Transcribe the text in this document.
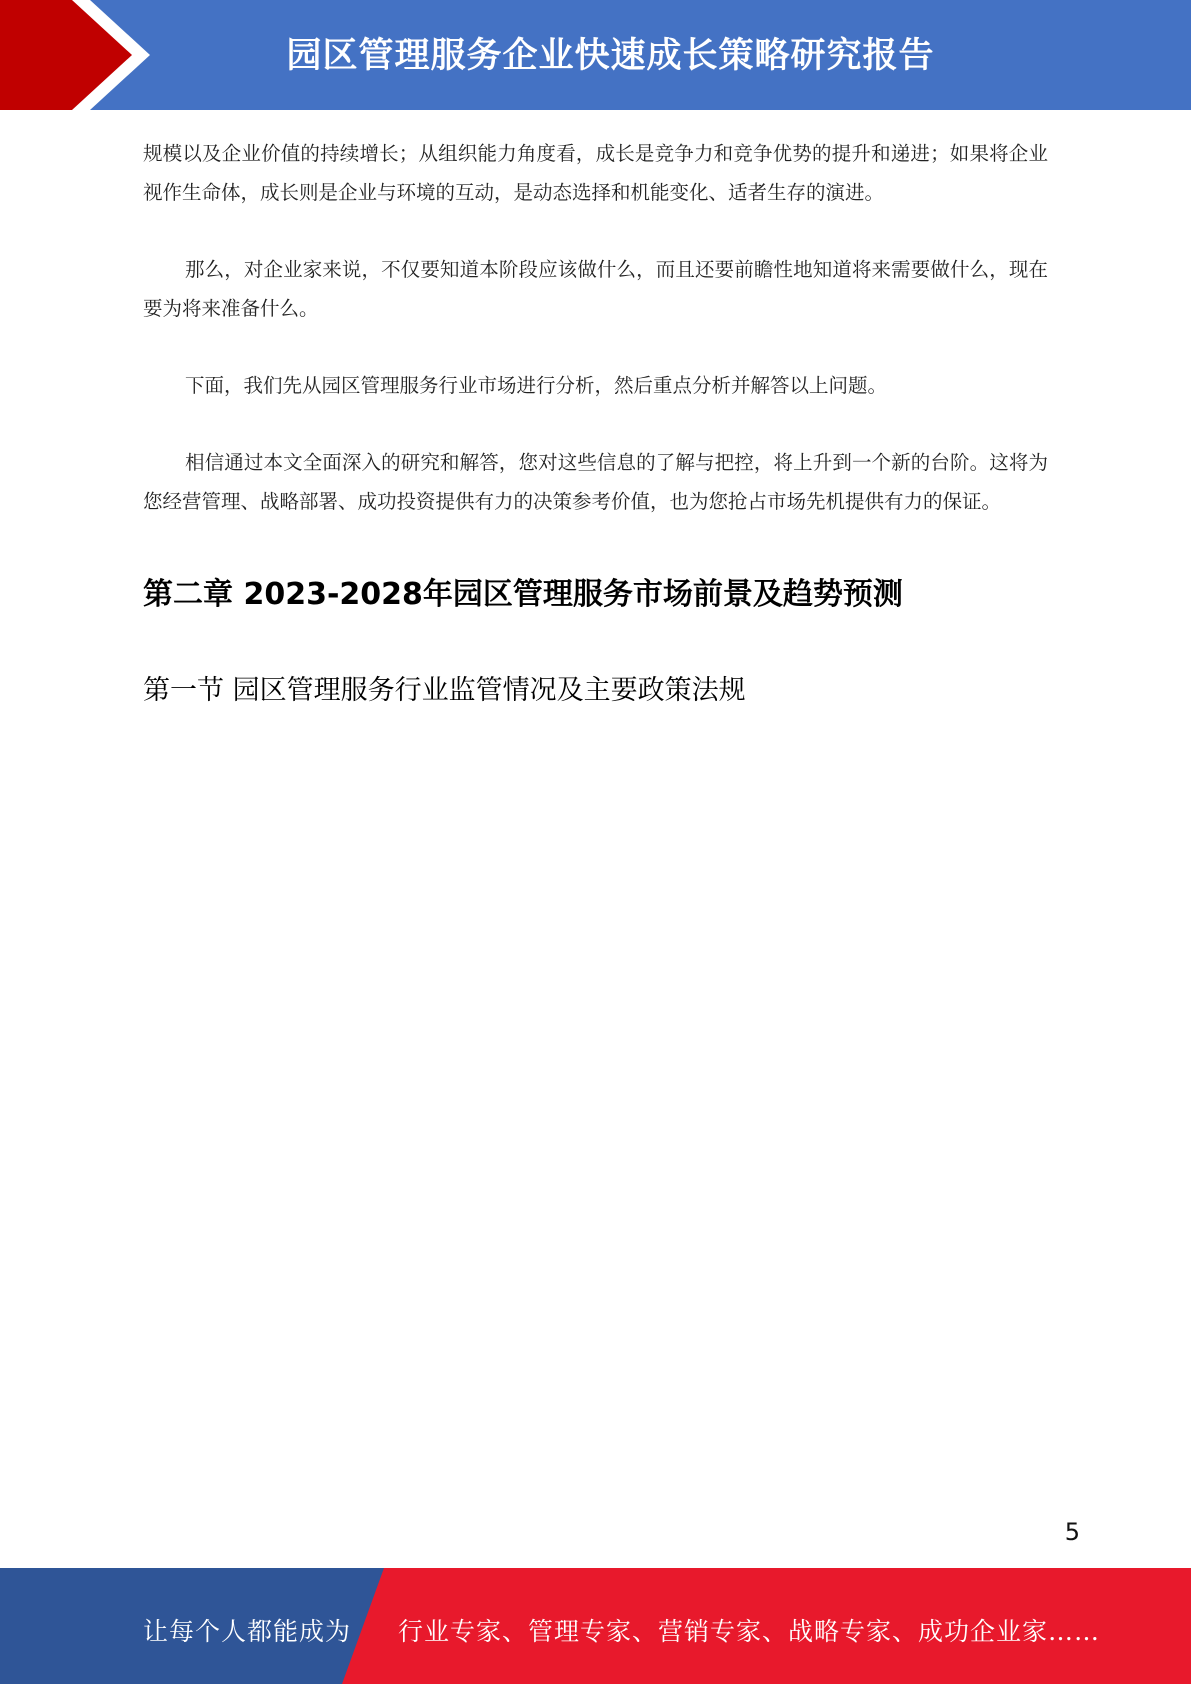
园区管理服务企业快速成长策略研究报告

规模以及企业价值的持续增长；从组织能力角度看，成长是竞争力和竞争优势的提升和递进；如果将企业视作生命体，成长则是企业与环境的互动，是动态选择和机能变化、适者生存的演进。

那么，对企业家来说，不仅要知道本阶段应该做什么，而且还要前瞻性地知道将来需要做什么，现在要为将来准备什么。

下面，我们先从园区管理服务行业市场进行分析，然后重点分析并解答以上问题。

相信通过本文全面深入的研究和解答，您对这些信息的了解与把控，将上升到一个新的台阶。这将为您经营管理、战略部署、成功投资提供有力的决策参考价值，也为您抢占市场先机提供有力的保证。

第二章 2023-2028年园区管理服务市场前景及趋势预测
第一节 园区管理服务行业监管情况及主要政策法规
5
让每个人都能成为 行业专家、管理专家、营销专家、战略专家、成功企业家……
